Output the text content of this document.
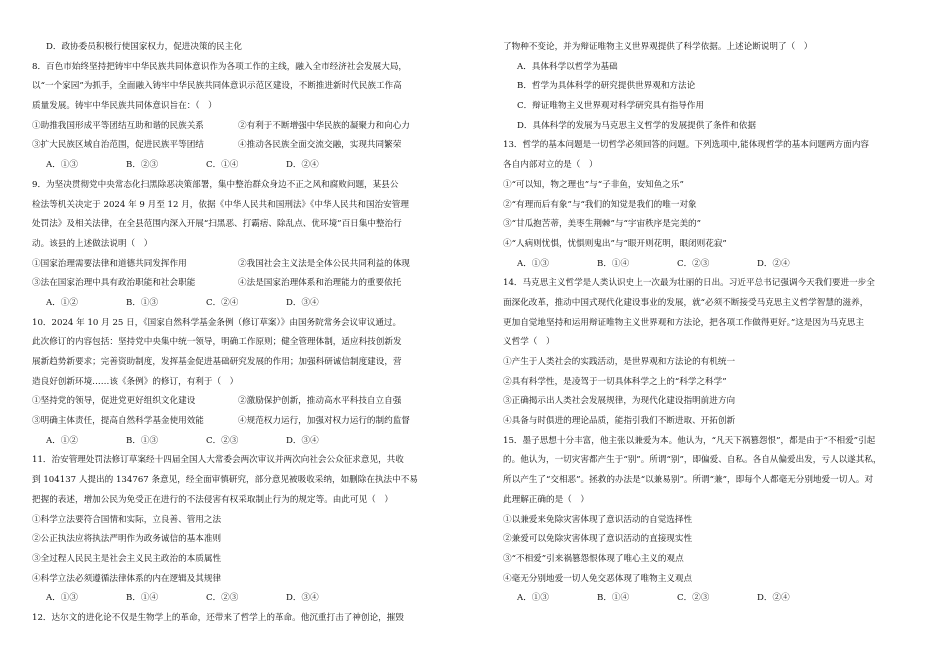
D．政协委员积极行使国家权力，促进决策的民主化
8．百色市始终坚持把铸牢中华民族共同体意识作为各项工作的主线，融入全市经济社会发展大局，
以“一个家园”为抓手，全面融入铸牢中华民族共同体意识示范区建设，不断推进新时代民族工作高
质量发展。铸牢中华民族共同体意识旨在：（　）
①助推我国形成平等团结互助和谐的民族关系	②有利于不断增强中华民族的凝聚力和向心力
③扩大民族区域自治范围，促进民族平等团结	④推动各民族全面交流交融，实现共同繁荣
A．①③	B．②③	C．①④	D．②④
9．为坚决贯彻党中央常态化扫黑除恶决策部署，集中整治群众身边不正之风和腐败问题，某县公
检法等机关决定于 2024 年 9 月至 12 月，依据《中华人民共和国刑法》《中华人民共和国治安管理
处罚法》及相关法律，在全县范围内深入开展“扫黑恶、打霸痞、除乱点、优环境”百日集中整治行
动。该县的上述做法说明（　）
①国家治理需要法律和道德共同发挥作用	②我国社会主义法是全体公民共同利益的体现
③法在国家治理中具有政治职能和社会职能	④法是国家治理体系和治理能力的重要依托
A．①②	B．①③	C．②④	D．③④
10．2024 年 10 月 25 日，《国家自然科学基金条例（修订草案）》由国务院常务会议审议通过。
此次修订的内容包括：坚持党中央集中统一领导，明确工作原则；健全管理体制，适应科技创新发
展新趋势新要求；完善资助制度，发挥基金促进基础研究发展的作用；加强科研诚信制度建设，营
造良好创新环境……该《条例》的修订，有利于（　）
①坚持党的领导，促进党更好组织文化建设	②激励保护创新，推动高水平科技自立自强
③明确主体责任，提高自然科学基金使用效能	④规范权力运行，加强对权力运行的制约监督
A．①②	B．①③	C．②③	D．③④
11．治安管理处罚法修订草案经十四届全国人大常委会两次审议并两次向社会公众征求意见，共收
到 104137 人提出的 134767 条意见，经全面审慎研究，部分意见被吸收采纳，如删除在执法中不易
把握的表述，增加公民为免受正在进行的不法侵害有权采取制止行为的规定等。由此可见（　）
①科学立法要符合国情和实际，立良善、管用之法
②公正执法应将执法严明作为政务诚信的基本准则
③全过程人民民主是社会主义民主政治的本质属性
④科学立法必须遵循法律体系的内在逻辑及其规律
A．①③	B．①④	C．②③	D．③④
12．达尔文的进化论不仅是生物学上的革命，还带来了哲学上的革命。他沉重打击了神创论，摧毁
了物种不变论，并为辩证唯物主义世界观提供了科学依据。上述论断说明了（　）
A．具体科学以哲学为基础
B．哲学为具体科学的研究提供世界观和方法论
C．辩证唯物主义世界观对科学研究具有指导作用
D．具体科学的发展为马克思主义哲学的发展提供了条件和依据
13．哲学的基本问题是一切哲学必须回答的问题。下列选项中,能体现哲学的基本问题两方面内容
各自内部对立的是（　）
①“可以知，物之理也”与“子非鱼，安知鱼之乐”
②“有理而后有象”与“我们的知觉是我们的唯一对象
③“甘瓜抱苦蒂，美枣生荆棘”与“宇宙秩序是完美的”
④“人病则忧惧，忧惧则鬼出”与“眼开则花明，眼闭则花寂”
A．①③	B．①④	C．②③	D．②④
14．马克思主义哲学是人类认识史上一次最为壮丽的日出。习近平总书记强调今天我们要进一步全
面深化改革，推动中国式现代化建设事业的发展，就“必须不断接受马克思主义哲学智慧的滋养，
更加自觉地坚持和运用辩证唯物主义世界观和方法论，把各项工作做得更好。”这是因为马克思主
义哲学（　）
①产生于人类社会的实践活动，是世界观和方法论的有机统一
②具有科学性，是凌驾于一切具体科学之上的“科学之科学”
③正确揭示出人类社会发展规律，为现代化建设指明前进方向
④具备与时俱进的理论品质，能指引我们不断进取、开拓创新
15．墨子思想十分丰富，他主张以兼爱为本。他认为，“凡天下祸篡怨恨”，都是由于“不相爱”引起
的。他认为，一切灾害都产生于“别”。所谓“别”，即偏爱、自私。各自从偏爱出发，亏人以遂其私，
所以产生了“交相恶”。拯救的办法是“以兼易别”。所谓“兼”，即每个人都毫无分别地爱一切人。对
此理解正确的是（　）
①以兼爱来免除灾害体现了意识活动的自觉选择性
②兼爱可以免除灾害体现了意识活动的直接现实性
③“不相爱”引来祸篡怨恨体现了唯心主义的观点
④毫无分别地爱一切人免交恶体现了唯物主义观点
A．①③	B．①④	C．②③	D．②④
